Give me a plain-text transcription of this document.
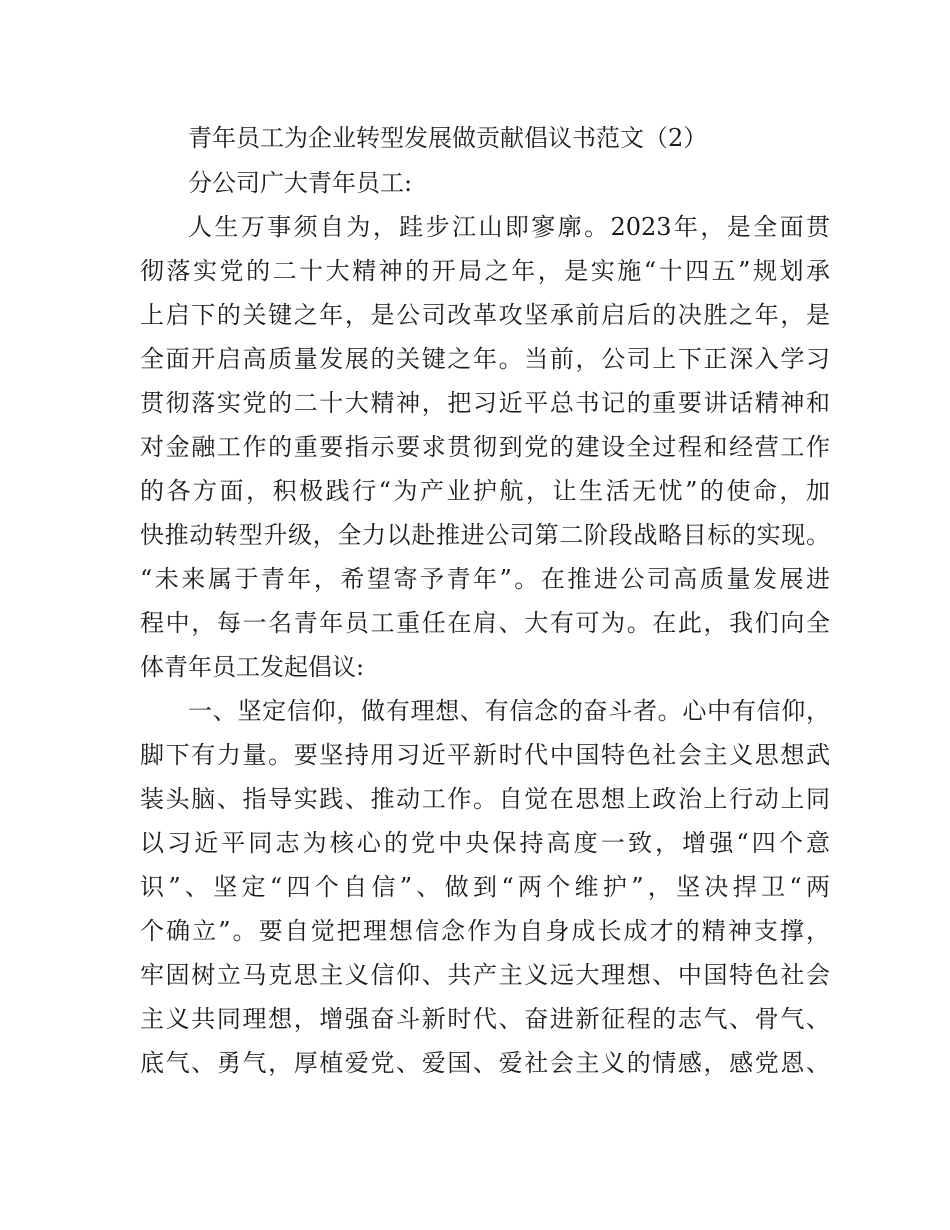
青年员工为企业转型发展做贡献倡议书范文（2）
分公司广大青年员工:
人生万事须自为，跬步江山即寥廓。2023年，是全面贯
彻落实党的二十大精神的开局之年，是实施“十四五”规划承
上启下的关键之年，是公司改革攻坚承前启后的决胜之年，是
全面开启高质量发展的关键之年。当前，公司上下正深入学习
贯彻落实党的二十大精神，把习近平总书记的重要讲话精神和
对金融工作的重要指示要求贯彻到党的建设全过程和经营工作
的各方面，积极践行“为产业护航，让生活无忧”的使命，加
快推动转型升级，全力以赴推进公司第二阶段战略目标的实现。
“未来属于青年，希望寄予青年”。在推进公司高质量发展进
程中，每一名青年员工重任在肩、大有可为。在此，我们向全
体青年员工发起倡议:
一、坚定信仰，做有理想、有信念的奋斗者。心中有信仰，
脚下有力量。要坚持用习近平新时代中国特色社会主义思想武
装头脑、指导实践、推动工作。自觉在思想上政治上行动上同
以习近平同志为核心的党中央保持高度一致，增强“四个意
识”、坚定“四个自信”、做到“两个维护”，坚决捍卫“两
个确立”。要自觉把理想信念作为自身成长成才的精神支撑，
牢固树立马克思主义信仰、共产主义远大理想、中国特色社会
主义共同理想，增强奋斗新时代、奋进新征程的志气、骨气、
底气、勇气，厚植爱党、爱国、爱社会主义的情感，感党恩、
